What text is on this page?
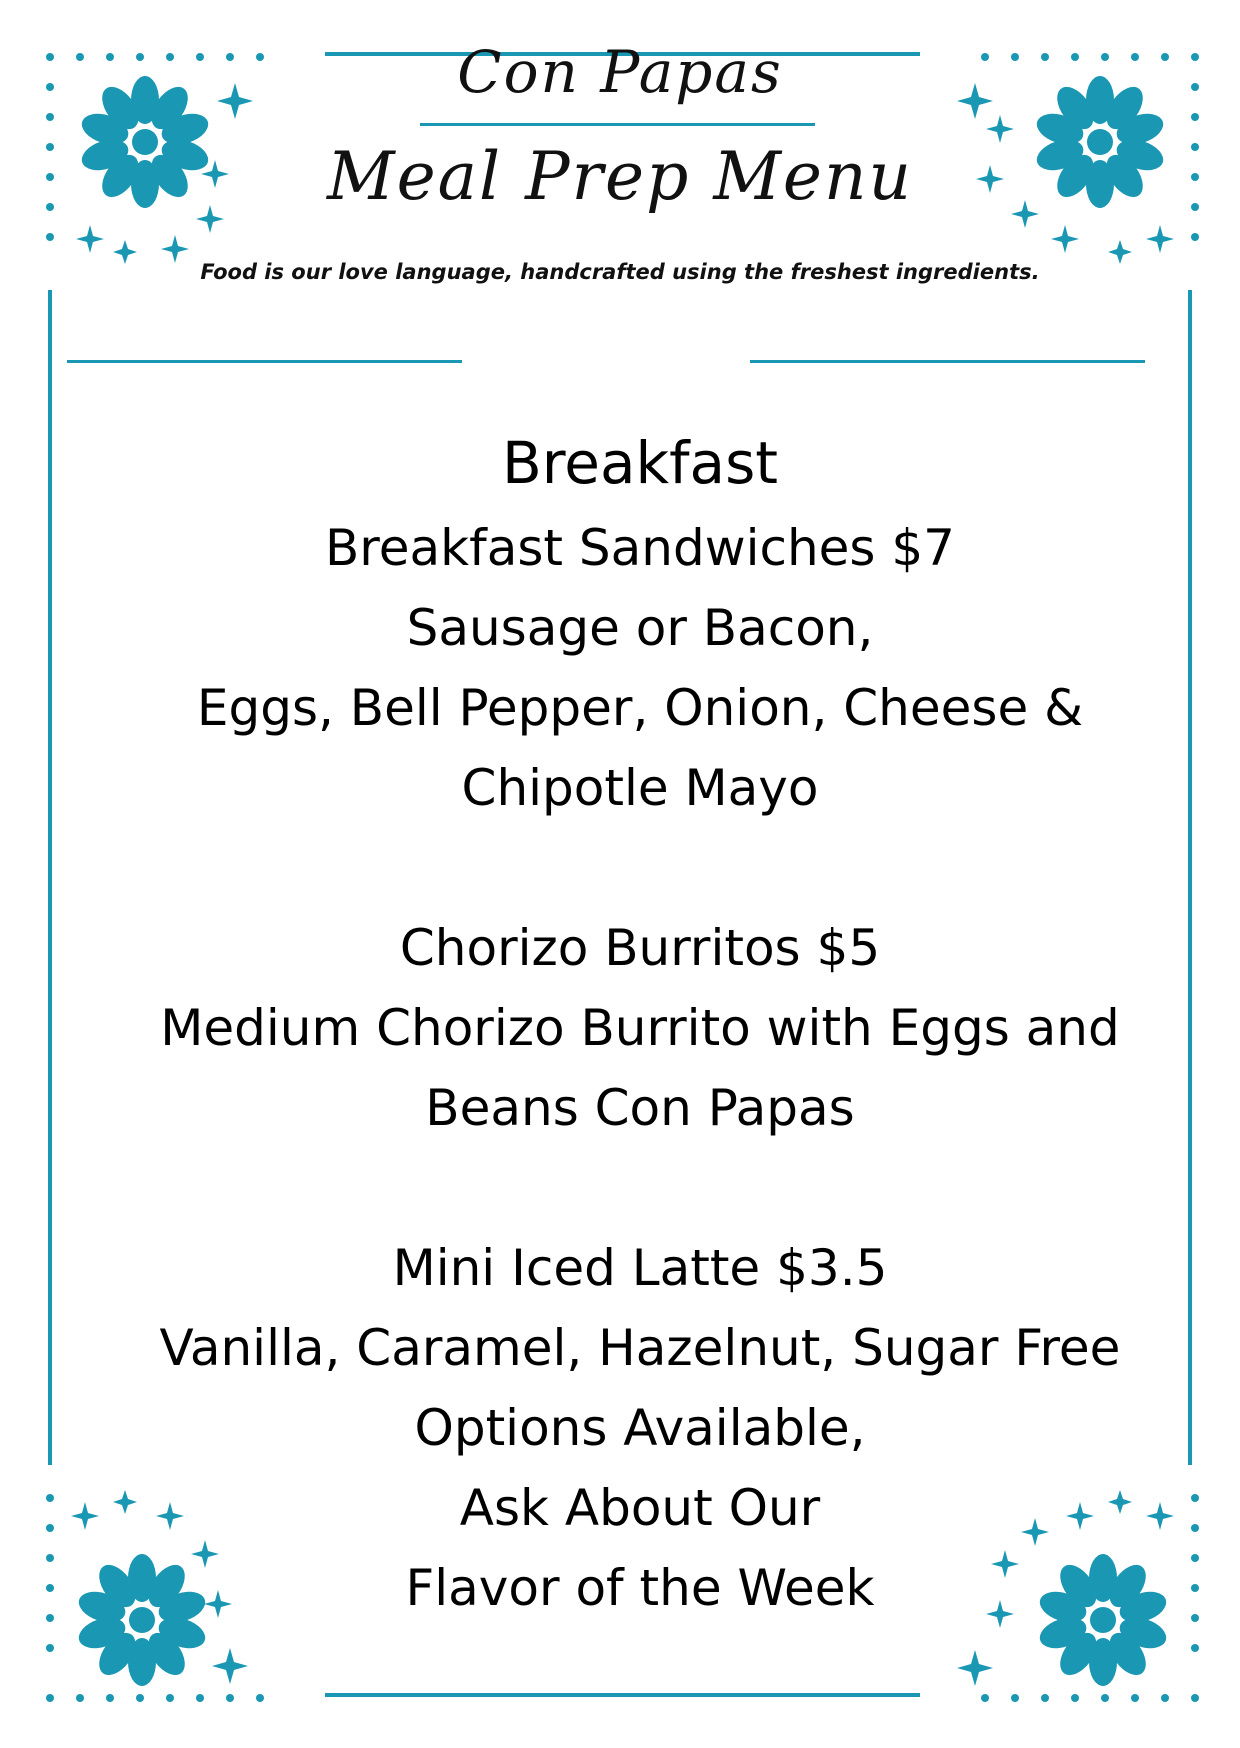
Con Papas
Meal Prep Menu
Food is our love language, handcrafted using the freshest ingredients.
Breakfast
Breakfast Sandwiches $7
Sausage or Bacon,
Eggs, Bell Pepper, Onion, Cheese &
Chipotle Mayo
Chorizo Burritos $5
Medium Chorizo Burrito with Eggs and
Beans Con Papas
Mini Iced Latte $3.5
Vanilla, Caramel, Hazelnut, Sugar Free
Options Available,
Ask About Our
Flavor of the Week
